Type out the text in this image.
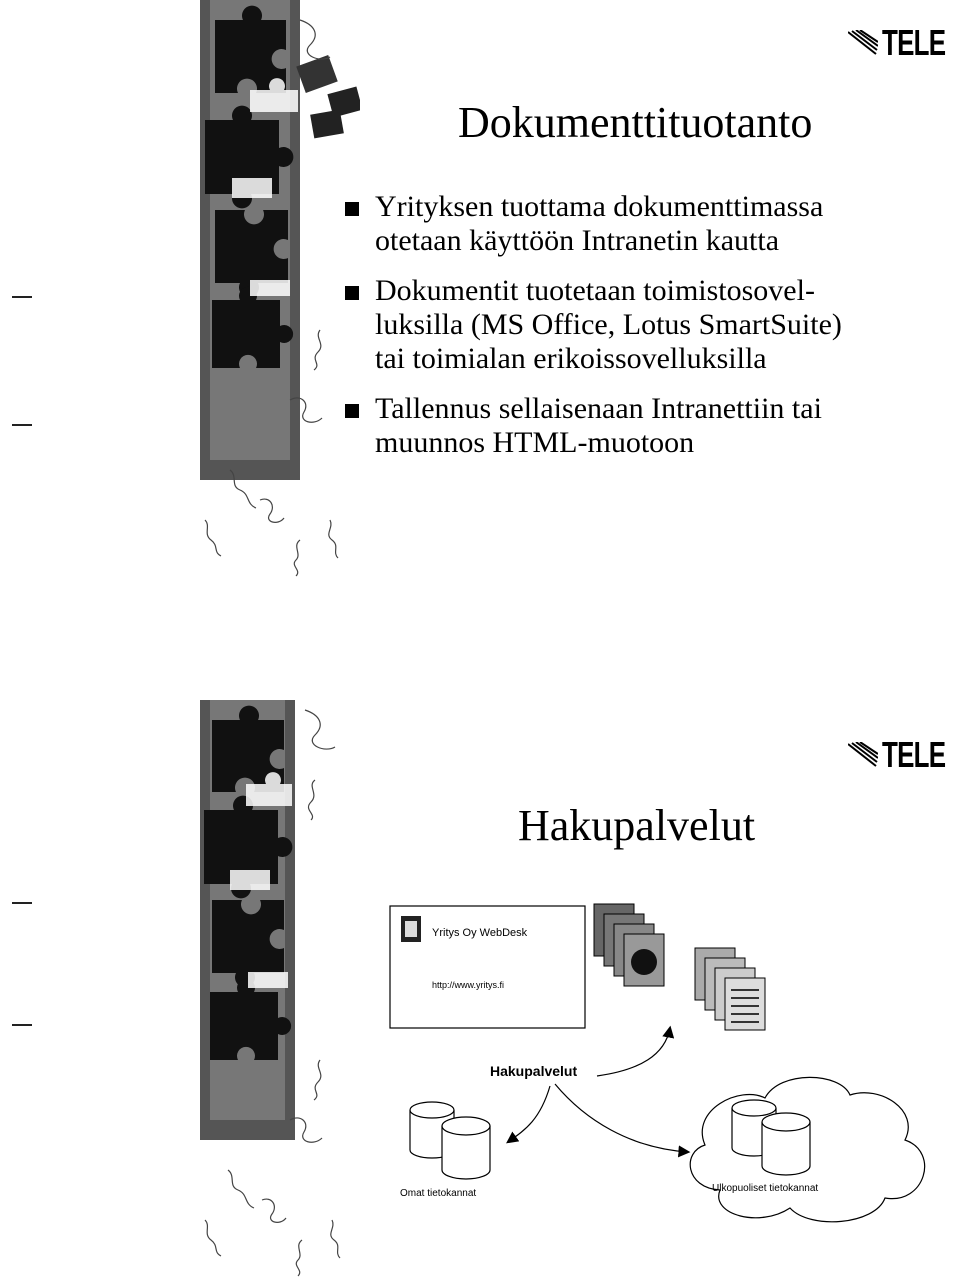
TELE
Dokumenttituotanto
Yrityksen tuottama dokumenttimassa
otetaan käyttöön Intranetin kautta
Dokumentit tuotetaan toimistosovel-
luksilla (MS Office, Lotus SmartSuite)
tai toimialan erikoissovelluksilla
Tallennus sellaisenaan Intranettiin tai
muunnos HTML-muotoon
TELE
Hakupalvelut
Yritys Oy WebDesk
http://www.yritys.fi
Hakupalvelut
Omat tietokannat	Ulkopuoliset tietokannat
